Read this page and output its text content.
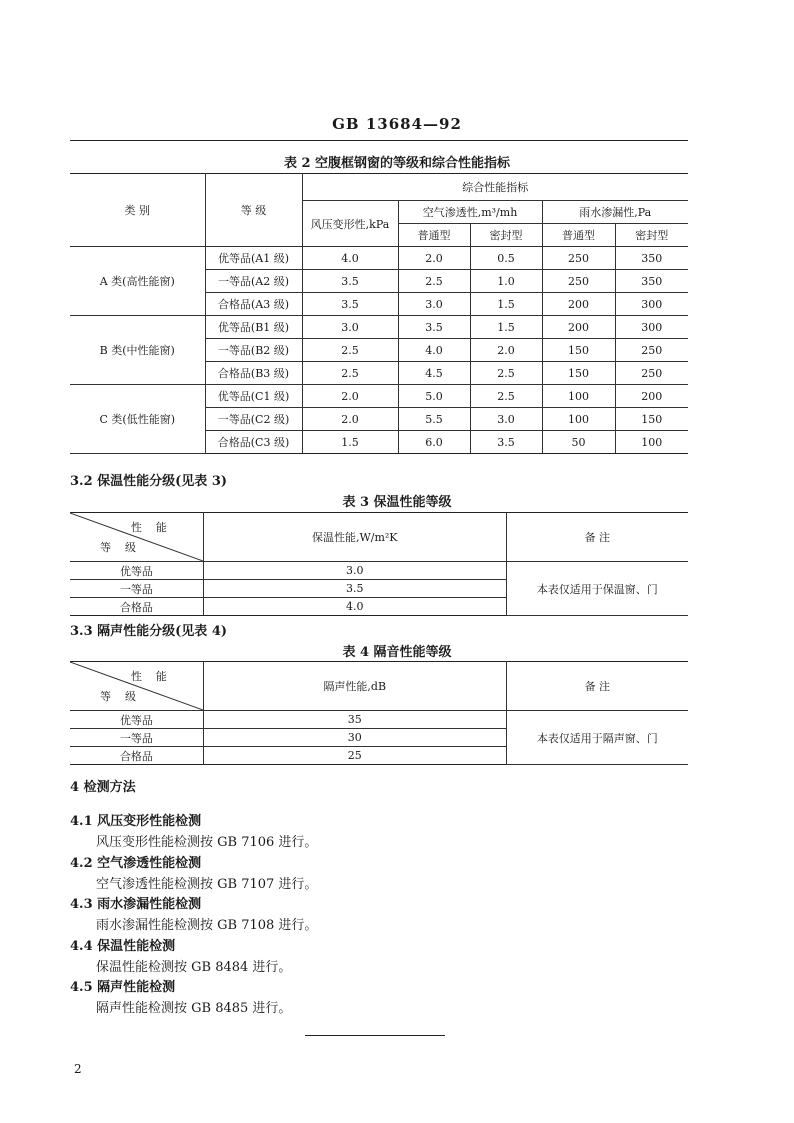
GB 13684—92
表 2 空腹框钢窗的等级和综合性能指标
类 别	等 级	综合性能指标				
		风压变形性,kPa	空气渗透性,m³/mh		雨水渗漏性,Pa	
			普通型	密封型	普通型	密封型
A 类(高性能窗)	优等品(A1 级)	4.0	2.0	0.5	250	350
	一等品(A2 级)	3.5	2.5	1.0	250	350
	合格品(A3 级)	3.5	3.0	1.5	200	300
B 类(中性能窗)	优等品(B1 级)	3.0	3.5	1.5	200	300
	一等品(B2 级)	2.5	4.0	2.0	150	250
	合格品(B3 级)	2.5	4.5	2.5	150	250
C 类(低性能窗)	优等品(C1 级)	2.0	5.0	2.5	100	200
	一等品(C2 级)	2.0	5.5	3.0	100	150
	合格品(C3 级)	1.5	6.0	3.5	50	100
3.2 保温性能分级(见表 3)
表 3 保温性能等级
性能
等级	保温性能,W/m²K	备 注
优等品	3.0	本表仅适用于保温窗、门
一等品	3.5	
合格品	4.0	
3.3 隔声性能分级(见表 4)
表 4 隔音性能等级
性能
等级	隔声性能,dB	备 注
优等品	35	本表仅适用于隔声窗、门
一等品	30	
合格品	25	
4 检测方法
4.1 风压变形性能检测
风压变形性能检测按 GB 7106 进行。
4.2 空气渗透性能检测
空气渗透性能检测按 GB 7107 进行。
4.3 雨水渗漏性能检测
雨水渗漏性能检测按 GB 7108 进行。
4.4 保温性能检测
保温性能检测按 GB 8484 进行。
4.5 隔声性能检测
隔声性能检测按 GB 8485 进行。
2
